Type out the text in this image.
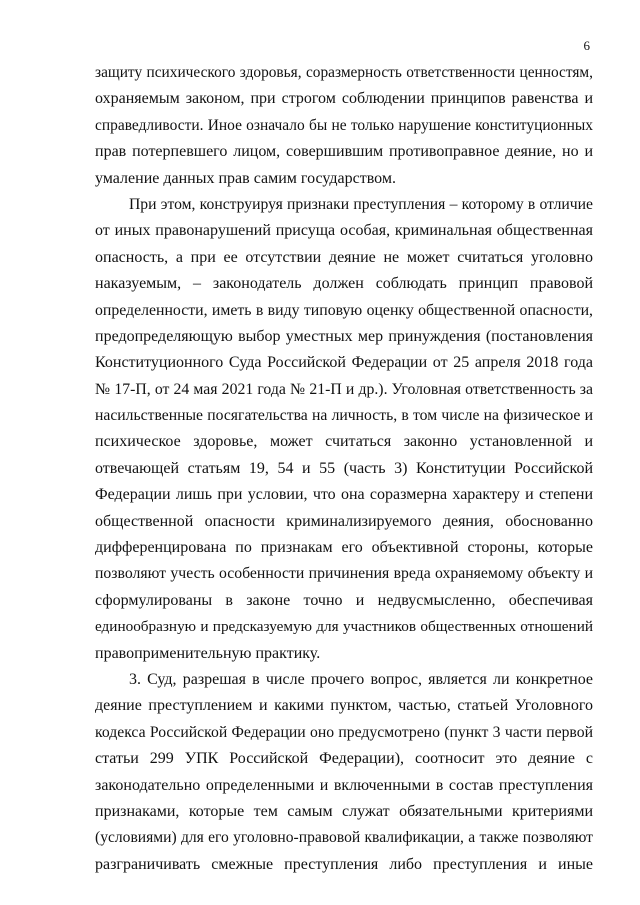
6
защиту психического здоровья, соразмерность ответственности ценностям,
охраняемым законом, при строгом соблюдении принципов равенства и
справедливости. Иное означало бы не только нарушение конституционных
прав потерпевшего лицом, совершившим противоправное деяние, но и
умаление данных прав самим государством.
При этом, конструируя признаки преступления – которому в отличие
от иных правонарушений присуща особая, криминальная общественная
опасность, а при ее отсутствии деяние не может считаться уголовно
наказуемым, – законодатель должен соблюдать принцип правовой
определенности, иметь в виду типовую оценку общественной опасности,
предопределяющую выбор уместных мер принуждения (постановления
Конституционного Суда Российской Федерации от 25 апреля 2018 года
№ 17-П, от 24 мая 2021 года № 21-П и др.). Уголовная ответственность за
насильственные посягательства на личность, в том числе на физическое и
психическое здоровье, может считаться законно установленной и
отвечающей статьям 19, 54 и 55 (часть 3) Конституции Российской
Федерации лишь при условии, что она соразмерна характеру и степени
общественной опасности криминализируемого деяния, обоснованно
дифференцирована по признакам его объективной стороны, которые
позволяют учесть особенности причинения вреда охраняемому объекту и
сформулированы в законе точно и недвусмысленно, обеспечивая
единообразную и предсказуемую для участников общественных отношений
правоприменительную практику.
3. Суд, разрешая в числе прочего вопрос, является ли конкретное
деяние преступлением и какими пунктом, частью, статьей Уголовного
кодекса Российской Федерации оно предусмотрено (пункт 3 части первой
статьи 299 УПК Российской Федерации), соотносит это деяние с
законодательно определенными и включенными в состав преступления
признаками, которые тем самым служат обязательными критериями
(условиями) для его уголовно-правовой квалификации, а также позволяют
разграничивать смежные преступления либо преступления и иные
